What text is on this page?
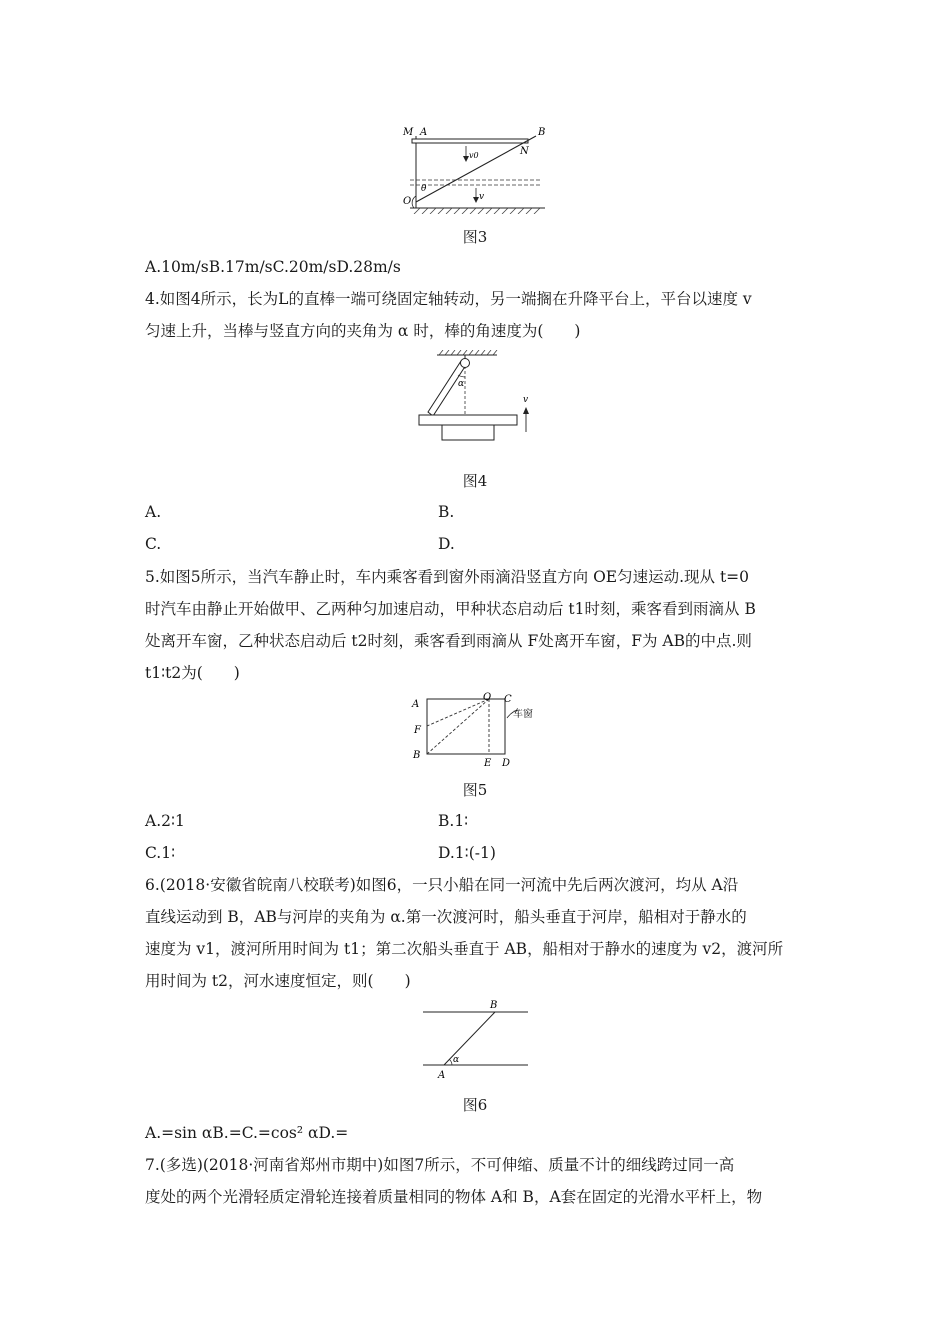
M A	B
N
O
θ
v0
v
图3
A.10m/sB.17m/sC.20m/sD.28m/s
4.如图4所示，长为L的直棒一端可绕固定轴转动，另一端搁在升降平台上，平台以速度 v
匀速上升，当棒与竖直方向的夹角为 α 时，棒的角速度为(　　)
α
v
图4
A.	B.
C.	D.
5.如图5所示，当汽车静止时，车内乘客看到窗外雨滴沿竖直方向 OE匀速运动.现从 t=0
时汽车由静止开始做甲、乙两种匀加速启动，甲种状态启动后 t1时刻，乘客看到雨滴从 B
处离开车窗，乙种状态启动后 t2时刻，乘客看到雨滴从 F处离开车窗，F为 AB的中点.则
t1∶t2为(　　)
A
O C
F
B
E D
车窗
图5
A.2∶1	B.1∶
C.1∶	D.1∶(-1)
6.(2018·安徽省皖南八校联考)如图6，一只小船在同一河流中先后两次渡河，均从 A沿
直线运动到 B，AB与河岸的夹角为 α.第一次渡河时，船头垂直于河岸，船相对于静水的
速度为 v1，渡河所用时间为 t1；第二次船头垂直于 AB，船相对于静水的速度为 v2，渡河所
用时间为 t2，河水速度恒定，则(　　)
B
A
α
图6
A.=sin αB.=C.=cos² αD.=
7.(多选)(2018·河南省郑州市期中)如图7所示，不可伸缩、质量不计的细线跨过同一高
度处的两个光滑轻质定滑轮连接着质量相同的物体 A和 B，A套在固定的光滑水平杆上，物
